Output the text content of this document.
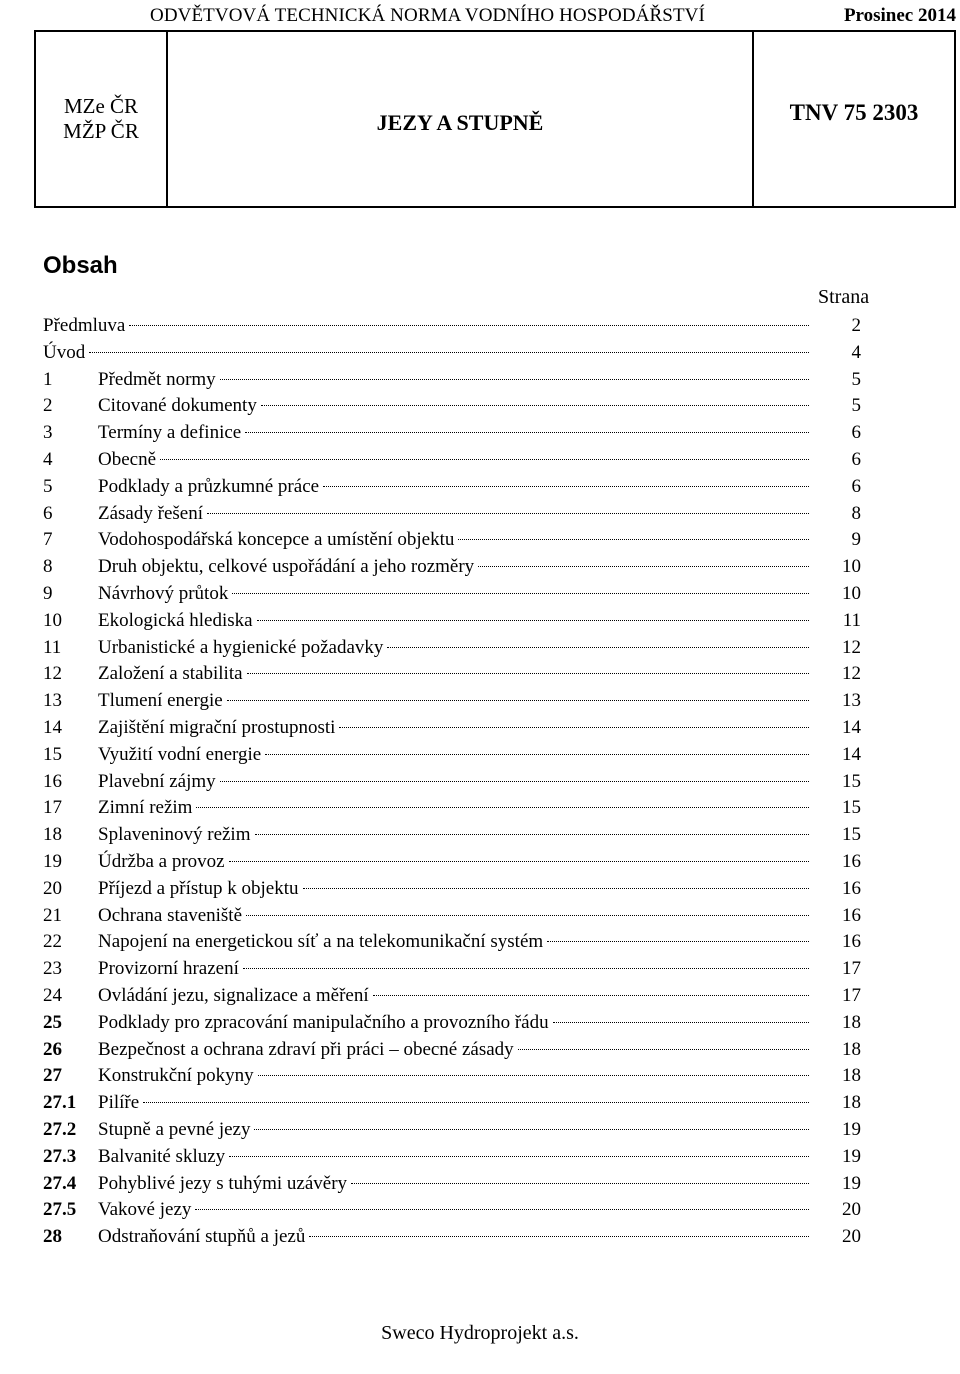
ODVĚTVOVÁ TECHNICKÁ NORMA VODNÍHO HOSPODÁŘSTVÍ	Prosinec 2014
MZe ČR
MŽP ČR	JEZY A STUPNĚ	TNV 75 2303
Obsah
Strana
Předmluva	2
Úvod	4
1	Předmět normy	5
2	Citované dokumenty	5
3	Termíny a definice	6
4	Obecně	6
5	Podklady a průzkumné práce	6
6	Zásady řešení	8
7	Vodohospodářská koncepce a umístění objektu	9
8	Druh objektu, celkové uspořádání a jeho rozměry	10
9	Návrhový průtok	10
10	Ekologická hlediska	11
11	Urbanistické a hygienické požadavky	12
12	Založení a stabilita	12
13	Tlumení energie	13
14	Zajištění migrační prostupnosti	14
15	Využití vodní energie	14
16	Plavební zájmy	15
17	Zimní režim	15
18	Splaveninový režim	15
19	Údržba a provoz	16
20	Příjezd a přístup k objektu	16
21	Ochrana staveniště	16
22	Napojení na energetickou síť a na telekomunikační systém	16
23	Provizorní hrazení	17
24	Ovládání jezu, signalizace a měření	17
25	Podklady pro zpracování manipulačního a provozního řádu	18
26	Bezpečnost a ochrana zdraví při práci – obecné zásady	18
27	Konstrukční pokyny	18
27.1	Pilíře	18
27.2	Stupně a pevné jezy	19
27.3	Balvanité skluzy	19
27.4	Pohyblivé jezy s tuhými uzávěry	19
27.5	Vakové jezy	20
28	Odstraňování stupňů a jezů	20
Sweco Hydroprojekt a.s.
